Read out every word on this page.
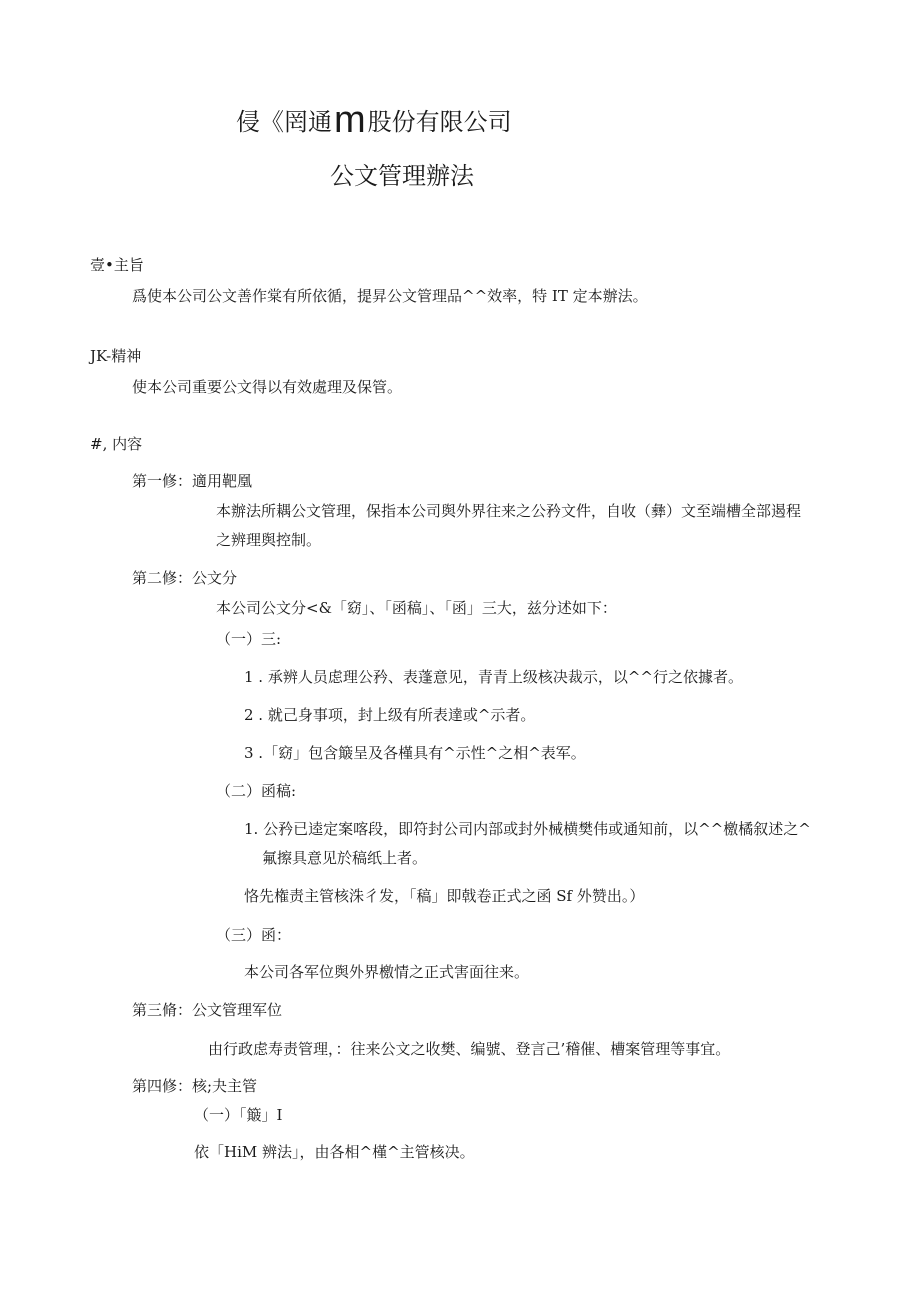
侵《罔通m股份有限公司
公文管理辦法
壹•主旨
爲使本公司公文善作棠有所依循，提昇公文管理品^^效率，特 IT 定本辦法。
JK-精神
使本公司重要公文得以有效處理及保管。
#, 内容
第一修：適用靶凰
本辦法所耦公文管理，保指本公司舆外界往来之公矜文件，自收（彝）文至端槽全部遏程
之辨理舆控制。
第二修：公文分
本公司公文分<&「窈」、「函稿」、「函」三大，兹分述如下：
（一）三:
1 . 承辨人员虑理公矜、表蓬意见，青青上级核决裁示，以^^行之依據者。
2 . 就己身事项，封上级有所表達或^示者。
3 .「窈」包含簸呈及各槿具有^示性^之相^表军。
（二）函稿:
1. 公矜已逵定案喀段，即符封公司内部或封外械横樊伟或通知前，以^^檄橘叙述之^
氟擦具意见於稿纸上者。
恪先権责主管核洙彳发，「稿」即戟卷正式之函 Sf 外赞出。）
（三）函：
本公司各军位舆外界檄情之正式害面往来。
第三脩：公文管理军位
由行政虑寿责管理，：往来公文之收樊、编號、登言己’稽催、槽案管理等事宜。
第四修：核;夬主管
（一）「簸」I
依「HiM 辨法」，由各相^槿^主管核决。
